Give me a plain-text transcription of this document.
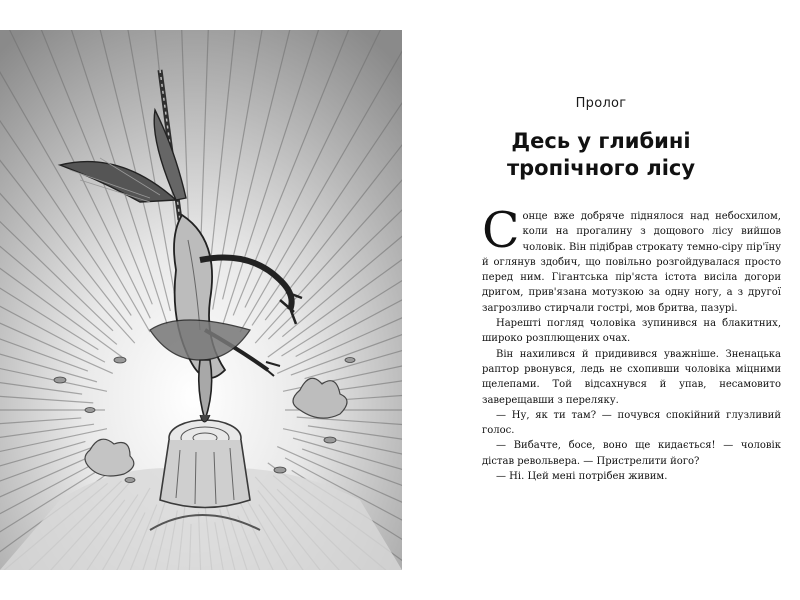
Пролог
Десь у глибині
тропічного лісу

Сонце вже добряче піднялося над небосхилом, коли на прогалину з дощового лісу вийшов чоловік. Він підібрав строкату темно-сіру пір'їну й оглянув здобич, що повільно розгойдувалася просто перед ним. Гігантська пір'яста істота висіла догори дригом, прив'язана мотузкою за одну ногу, а з другої загрозливо стирчали гострі, мов бритва, пазурі.

Нарешті погляд чоловіка зупинився на блакитних, широко розплющених очах.

Він нахилився й придивився уважніше. Зненацька раптор рвонувся, ледь не схопивши чоловіка міцними щелепами. Той відсахнувся й упав, несамовито заверещавши з переляку.

— Ну, як ти там? — почувся спокійний глузливий голос.

— Вибачте, босе, воно ще кидається! — чоловік дістав револьвера. — Пристрелити його?

— Ні. Цей мені потрібен живим.
